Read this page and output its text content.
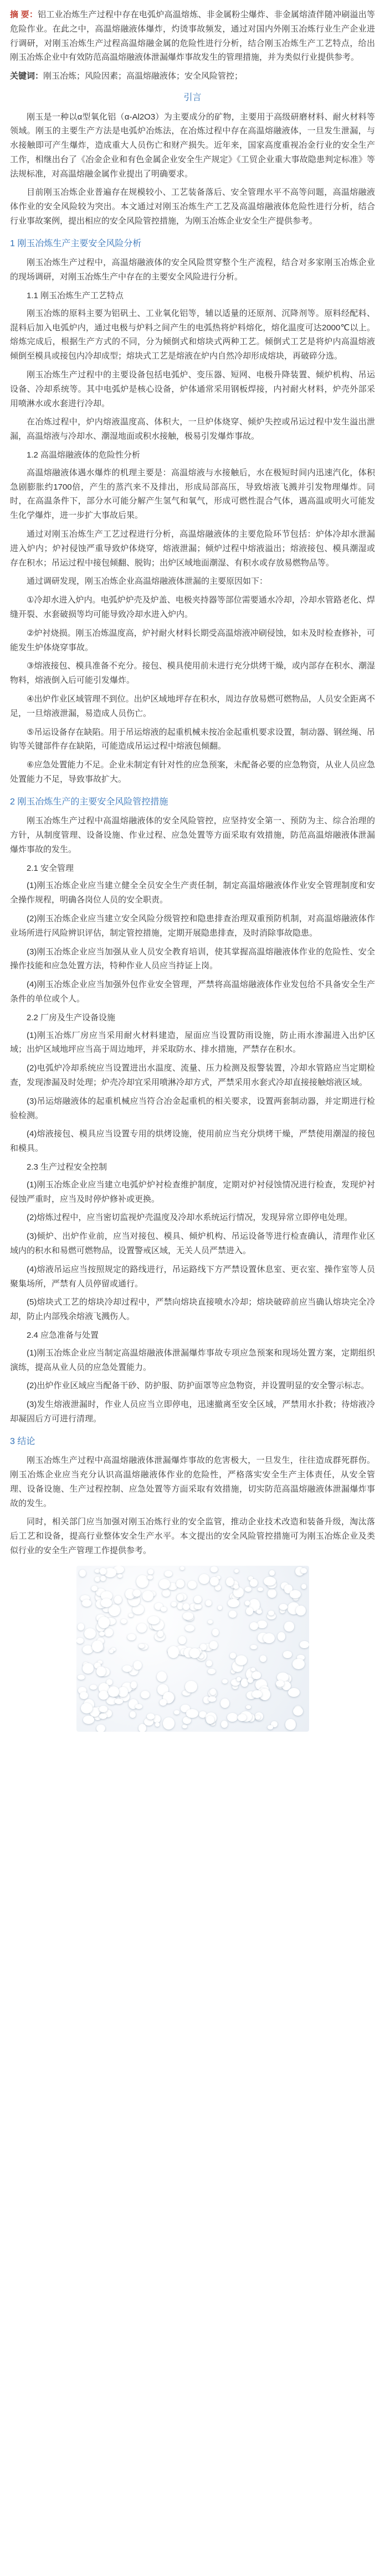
摘 要：铝工业冶炼生产过程中存在电弧炉高温熔炼、非金属粉尘爆炸、非金属熔渣伴随冲刷溢出等危险作业。在此之中，高温熔融液体爆炸，灼烫事故频发，通过对国内外刚玉冶炼行业生产企业进行调研，对刚玉冶炼生产过程高温熔融金属的危险性进行分析，结合刚玉冶炼生产工艺特点，给出刚玉冶炼企业中有效防范高温熔融液体泄漏爆炸事故发生的管理措施，并为类似行业提供参考。

关键词：刚玉冶炼；风险因素；高温熔融液体；安全风险管控；

引言

刚玉是一种以α型氧化铝（α-Al2O3）为主要成分的矿物，主要用于高级研磨材料、耐火材料等领域。刚玉的主要生产方法是电弧炉冶炼法，在冶炼过程中存在高温熔融液体，一旦发生泄漏，与水接触即可产生爆炸，造成重大人员伤亡和财产损失。近年来，国家高度重视冶金行业的安全生产工作，相继出台了《冶金企业和有色金属企业安全生产规定》《工贸企业重大事故隐患判定标准》等法规标准，对高温熔融金属作业提出了明确要求。

目前刚玉冶炼企业普遍存在规模较小、工艺装备落后、安全管理水平不高等问题，高温熔融液体作业的安全风险较为突出。本文通过对刚玉冶炼生产工艺及高温熔融液体危险性进行分析，结合行业事故案例，提出相应的安全风险管控措施，为刚玉冶炼企业安全生产提供参考。

1 刚玉冶炼生产主要安全风险分析

刚玉冶炼生产过程中，高温熔融液体的安全风险贯穿整个生产流程，结合对多家刚玉冶炼企业的现场调研，对刚玉冶炼生产中存在的主要安全风险进行分析。

1.1 刚玉冶炼生产工艺特点

刚玉冶炼的原料主要为铝矾土、工业氧化铝等，辅以适量的还原剂、沉降剂等。原料经配料、混料后加入电弧炉内，通过电极与炉料之间产生的电弧热将炉料熔化，熔化温度可达2000℃以上。熔炼完成后，根据生产方式的不同，分为倾倒式和熔块式两种工艺。倾倒式工艺是将炉内高温熔液倾倒至模具或接包内冷却成型；熔块式工艺是熔液在炉内自然冷却形成熔块，再破碎分选。

刚玉冶炼生产过程中的主要设备包括电弧炉、变压器、短网、电极升降装置、倾炉机构、吊运设备、冷却系统等。其中电弧炉是核心设备，炉体通常采用钢板焊接，内衬耐火材料，炉壳外部采用喷淋水或水套进行冷却。

在冶炼过程中，炉内熔液温度高、体积大，一旦炉体烧穿、倾炉失控或吊运过程中发生溢出泄漏，高温熔液与冷却水、潮湿地面或积水接触，极易引发爆炸事故。

1.2 高温熔融液体的危险性分析

高温熔融液体遇水爆炸的机理主要是：高温熔液与水接触后，水在极短时间内迅速汽化，体积急剧膨胀约1700倍，产生的蒸汽来不及排出，形成局部高压，导致熔液飞溅并引发物理爆炸。同时，在高温条件下，部分水可能分解产生氢气和氧气，形成可燃性混合气体，遇高温或明火可能发生化学爆炸，进一步扩大事故后果。

通过对刚玉冶炼生产工艺过程进行分析，高温熔融液体的主要危险环节包括：炉体冷却水泄漏进入炉内；炉衬侵蚀严重导致炉体烧穿，熔液泄漏；倾炉过程中熔液溢出；熔液接包、模具潮湿或存在积水；吊运过程中接包倾翻、脱钩；出炉区域地面潮湿、有积水或存放易燃物品等。

通过调研发现，刚玉冶炼企业高温熔融液体泄漏的主要原因如下：

①冷却水进入炉内。电弧炉炉壳及炉盖、电极夹持器等部位需要通水冷却，冷却水管路老化、焊缝开裂、水套破损等均可能导致冷却水进入炉内。

②炉衬烧损。刚玉冶炼温度高，炉衬耐火材料长期受高温熔液冲刷侵蚀，如未及时检查修补，可能发生炉体烧穿事故。

③熔液接包、模具准备不充分。接包、模具使用前未进行充分烘烤干燥，或内部存在积水、潮湿物料，熔液倒入后可能引发爆炸。

④出炉作业区域管理不到位。出炉区域地坪存在积水，周边存放易燃可燃物品，人员安全距离不足，一旦熔液泄漏，易造成人员伤亡。

⑤吊运设备存在缺陷。用于吊运熔液的起重机械未按冶金起重机要求设置，制动器、钢丝绳、吊钩等关键部件存在缺陷，可能造成吊运过程中熔液包倾翻。

⑥应急处置能力不足。企业未制定有针对性的应急预案，未配备必要的应急物资，从业人员应急处置能力不足，导致事故扩大。

2 刚玉冶炼生产的主要安全风险管控措施

刚玉冶炼生产过程中高温熔融液体的安全风险管控，应坚持安全第一、预防为主、综合治理的方针，从制度管理、设备设施、作业过程、应急处置等方面采取有效措施，防范高温熔融液体泄漏爆炸事故的发生。

2.1 安全管理

(1)刚玉冶炼企业应当建立健全全员安全生产责任制，制定高温熔融液体作业安全管理制度和安全操作规程，明确各岗位人员的安全职责。

(2)刚玉冶炼企业应当建立安全风险分级管控和隐患排查治理双重预防机制，对高温熔融液体作业场所进行风险辨识评估，制定管控措施，定期开展隐患排查，及时消除事故隐患。

(3)刚玉冶炼企业应当加强从业人员安全教育培训，使其掌握高温熔融液体作业的危险性、安全操作技能和应急处置方法，特种作业人员应当持证上岗。

(4)刚玉冶炼企业应当加强外包作业安全管理，严禁将高温熔融液体作业发包给不具备安全生产条件的单位或个人。

2.2 厂房及生产设备设施

(1)刚玉冶炼厂房应当采用耐火材料建造，屋面应当设置防雨设施，防止雨水渗漏进入出炉区域；出炉区域地坪应当高于周边地坪，并采取防水、排水措施，严禁存在积水。

(2)电弧炉冷却系统应当设置进出水温度、流量、压力检测及报警装置，冷却水管路应当定期检查，发现渗漏及时处理；炉壳冷却宜采用喷淋冷却方式，严禁采用水套式冷却直接接触熔液区域。

(3)吊运熔融液体的起重机械应当符合冶金起重机的相关要求，设置两套制动器，并定期进行检验检测。

(4)熔液接包、模具应当设置专用的烘烤设施，使用前应当充分烘烤干燥，严禁使用潮湿的接包和模具。

2.3 生产过程安全控制

(1)刚玉冶炼企业应当建立电弧炉炉衬检查维护制度，定期对炉衬侵蚀情况进行检查，发现炉衬侵蚀严重时，应当及时停炉修补或更换。

(2)熔炼过程中，应当密切监视炉壳温度及冷却水系统运行情况，发现异常立即停电处理。

(3)倾炉、出炉作业前，应当对接包、模具、倾炉机构、吊运设备等进行检查确认，清理作业区域内的积水和易燃可燃物品，设置警戒区域，无关人员严禁进入。

(4)熔液吊运应当按照规定的路线进行，吊运路线下方严禁设置休息室、更衣室、操作室等人员聚集场所，严禁有人员停留或通行。

(5)熔块式工艺的熔块冷却过程中，严禁向熔块直接喷水冷却；熔块破碎前应当确认熔块完全冷却，防止内部残余熔液飞溅伤人。

2.4 应急准备与处置

(1)刚玉冶炼企业应当制定高温熔融液体泄漏爆炸事故专项应急预案和现场处置方案，定期组织演练，提高从业人员的应急处置能力。

(2)出炉作业区域应当配备干砂、防护服、防护面罩等应急物资，并设置明显的安全警示标志。

(3)发生熔液泄漏时，作业人员应当立即停电，迅速撤离至安全区域，严禁用水扑救；待熔液冷却凝固后方可进行清理。

3 结论

刚玉冶炼生产过程中高温熔融液体泄漏爆炸事故的危害极大，一旦发生，往往造成群死群伤。刚玉冶炼企业应当充分认识高温熔融液体作业的危险性，严格落实安全生产主体责任，从安全管理、设备设施、生产过程控制、应急处置等方面采取有效措施，切实防范高温熔融液体泄漏爆炸事故的发生。

同时，相关部门应当加强对刚玉冶炼行业的安全监管，推动企业技术改造和装备升级，淘汰落后工艺和设备，提高行业整体安全生产水平。本文提出的安全风险管控措施可为刚玉冶炼企业及类似行业的安全生产管理工作提供参考。
